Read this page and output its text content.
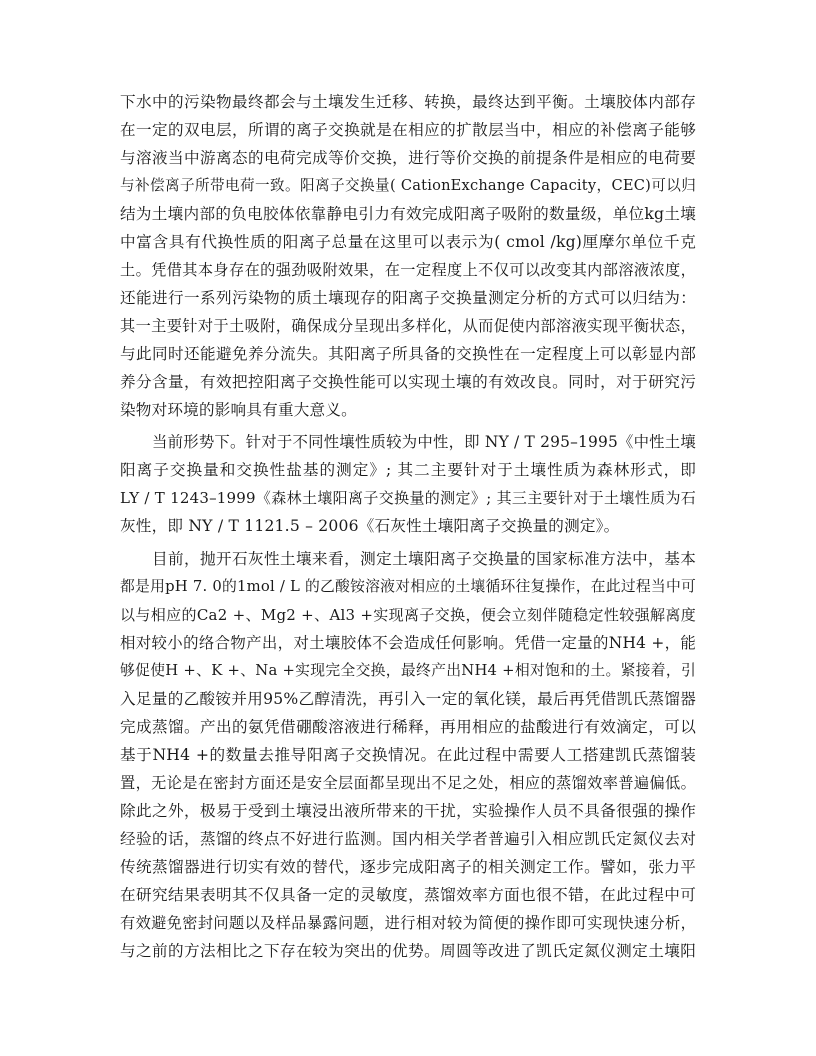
下水中的污染物最终都会与土壤发生迁移、转换，最终达到平衡。土壤胶体内部存
在一定的双电层，所谓的离子交换就是在相应的扩散层当中，相应的补偿离子能够
与溶液当中游离态的电荷完成等价交换，进行等价交换的前提条件是相应的电荷要
与补偿离子所带电荷一致。阳离子交换量( CationExchange Capacity，CEC)可以归
结为土壤内部的负电胶体依靠静电引力有效完成阳离子吸附的数量级，单位kg土壤
中富含具有代换性质的阳离子总量在这里可以表示为( cmol /kg)厘摩尔单位千克
土。凭借其本身存在的强劲吸附效果，在一定程度上不仅可以改变其内部溶液浓度，
还能进行一系列污染物的质土壤现存的阳离子交换量测定分析的方式可以归结为：
其一主要针对于土吸附，确保成分呈现出多样化，从而促使内部溶液实现平衡状态，
与此同时还能避免养分流失。其阳离子所具备的交换性在一定程度上可以彰显内部
养分含量，有效把控阳离子交换性能可以实现土壤的有效改良。同时，对于研究污
染物对环境的影响具有重大意义。
当前形势下。针对于不同性壤性质较为中性，即 NY / T 295–1995《中性土壤
阳离子交换量和交换性盐基的测定》; 其二主要针对于土壤性质为森林形式，即
LY / T 1243–1999《森林土壤阳离子交换量的测定》; 其三主要针对于土壤性质为石
灰性，即 NY / T 1121.5 – 2006《石灰性土壤阳离子交换量的测定》。
目前，抛开石灰性土壤来看，测定土壤阳离子交换量的国家标准方法中，基本
都是用pH 7. 0的1mol / L 的乙酸铵溶液对相应的土壤循环往复操作，在此过程当中可
以与相应的Ca2 +、Mg2 +、Al3 +实现离子交换，便会立刻伴随稳定性较强解离度
相对较小的络合物产出，对土壤胶体不会造成任何影响。凭借一定量的NH4 +，能
够促使H +、K +、Na +实现完全交换，最终产出NH4 +相对饱和的土。紧接着，引
入足量的乙酸铵并用95%乙醇清洗，再引入一定的氧化镁，最后再凭借凯氏蒸馏器
完成蒸馏。产出的氨凭借硼酸溶液进行稀释，再用相应的盐酸进行有效滴定，可以
基于NH4 +的数量去推导阳离子交换情况。在此过程中需要人工搭建凯氏蒸馏装
置，无论是在密封方面还是安全层面都呈现出不足之处，相应的蒸馏效率普遍偏低。
除此之外，极易于受到土壤浸出液所带来的干扰，实验操作人员不具备很强的操作
经验的话，蒸馏的终点不好进行监测。国内相关学者普遍引入相应凯氏定氮仪去对
传统蒸馏器进行切实有效的替代，逐步完成阳离子的相关测定工作。譬如，张力平
在研究结果表明其不仅具备一定的灵敏度，蒸馏效率方面也很不错，在此过程中可
有效避免密封问题以及样品暴露问题，进行相对较为简便的操作即可实现快速分析，
与之前的方法相比之下存在较为突出的优势。周圆等改进了凯氏定氮仪测定土壤阳
